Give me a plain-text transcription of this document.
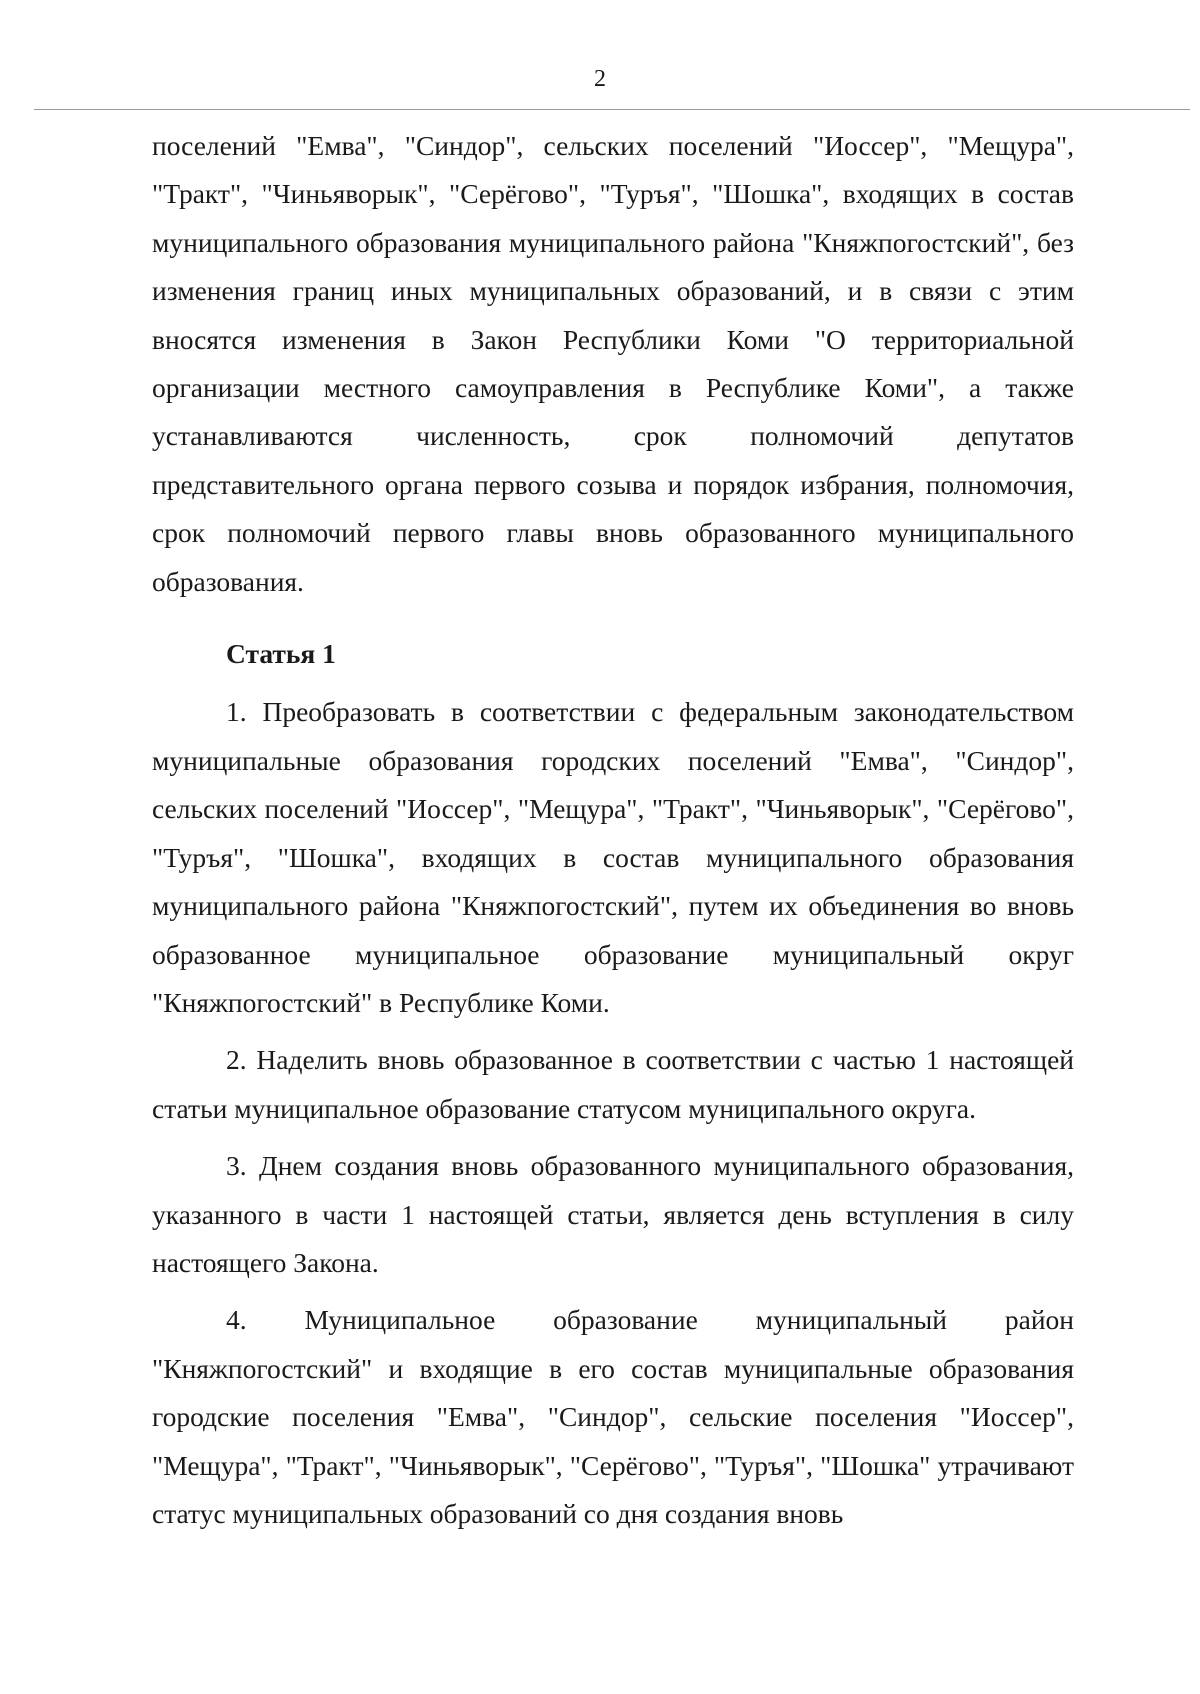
2

поселений "Емва", "Синдор", сельских поселений "Иоссер", "Мещура", "Тракт", "Чиньяворык", "Серёгово", "Туръя", "Шошка", входящих в состав муниципального образования муниципального района "Княжпогостский", без изменения границ иных муниципальных образований, и в связи с этим вносятся изменения в Закон Республики Коми "О территориальной организации местного самоуправления в Республике Коми", а также устанавливаются численность, срок полномочий депутатов представительного органа первого созыва и порядок избрания, полномочия, срок полномочий первого главы вновь образованного муниципального образования.

Статья 1

1. Преобразовать в соответствии с федеральным законодательством муниципальные образования городских поселений "Емва", "Синдор", сельских поселений "Иоссер", "Мещура", "Тракт", "Чиньяворык", "Серёгово", "Туръя", "Шошка", входящих в состав муниципального образования муниципального района "Княжпогостский", путем их объединения во вновь образованное муниципальное образование муниципальный округ "Княжпогостский" в Республике Коми.

2. Наделить вновь образованное в соответствии с частью 1 настоящей статьи муниципальное образование статусом муниципального округа.

3. Днем создания вновь образованного муниципального образования, указанного в части 1 настоящей статьи, является день вступления в силу настоящего Закона.

4. Муниципальное образование муниципальный район "Княжпогостский" и входящие в его состав муниципальные образования городские поселения "Емва", "Синдор", сельские поселения "Иоссер", "Мещура", "Тракт", "Чиньяворык", "Серёгово", "Туръя", "Шошка" утрачивают статус муниципальных образований со дня создания вновь
